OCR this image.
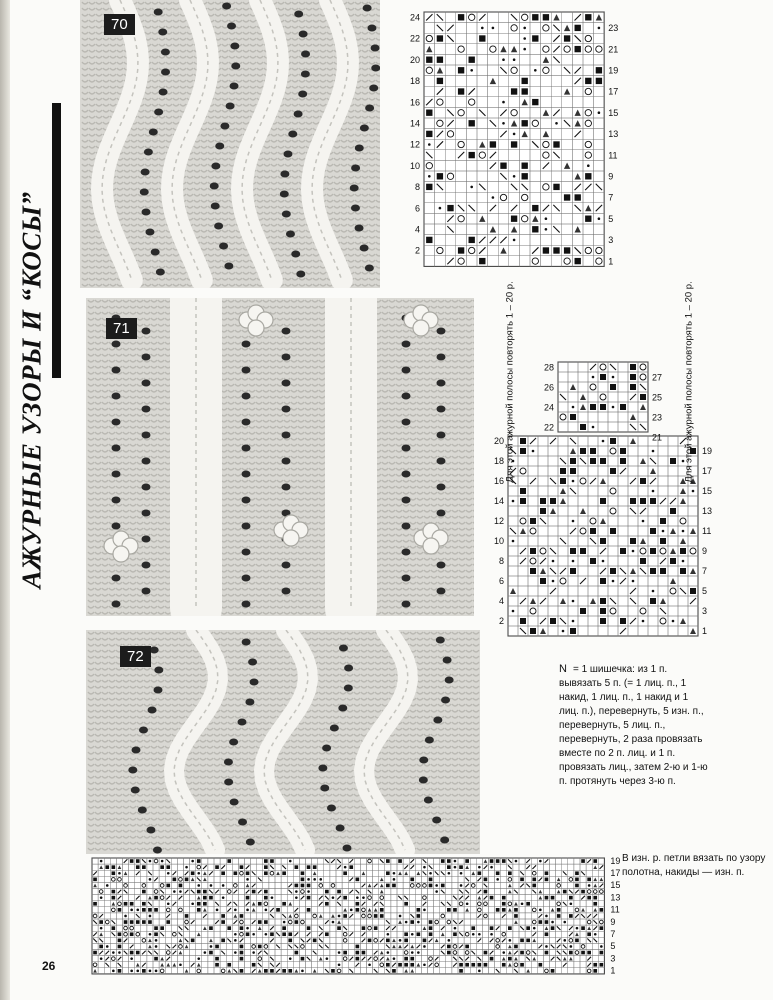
АЖУРНЫЕ УЗОРЫ И “КОСЫ”
70
2
4
6
8
10
12
14
16
18
20
22
24
1
3
5
7
9
11
13
15
17
19
21
23
71
22
24
26
28
21
23
25
27
2
4
6
8
10
12
14
16
18
20
1
3
5
7
9
11
13
15
17
19
Для этой ажурной полосы повторять 1 – 20 р.	Для этой ажурной полосы повторять 1 – 20 р.
72
N = 1 шишечка: из 1 п. вывязать 5 п. (= 1 лиц. п., 1 накид, 1 лиц. п., 1 накид и 1 лиц. п.), перевернуть, 5 изн. п., перевернуть, 5 лиц. п., перевернуть, 2 раза провязать вместе по 2 п. лиц. и 1 п. провязать лиц., затем 2-ю и 1-ю п. протянуть через 3-ю п.
1
3
5
7
9
11
13
15
17
19 В изн. р. петли вязать по узору полотна, накиды — изн. п.
26
